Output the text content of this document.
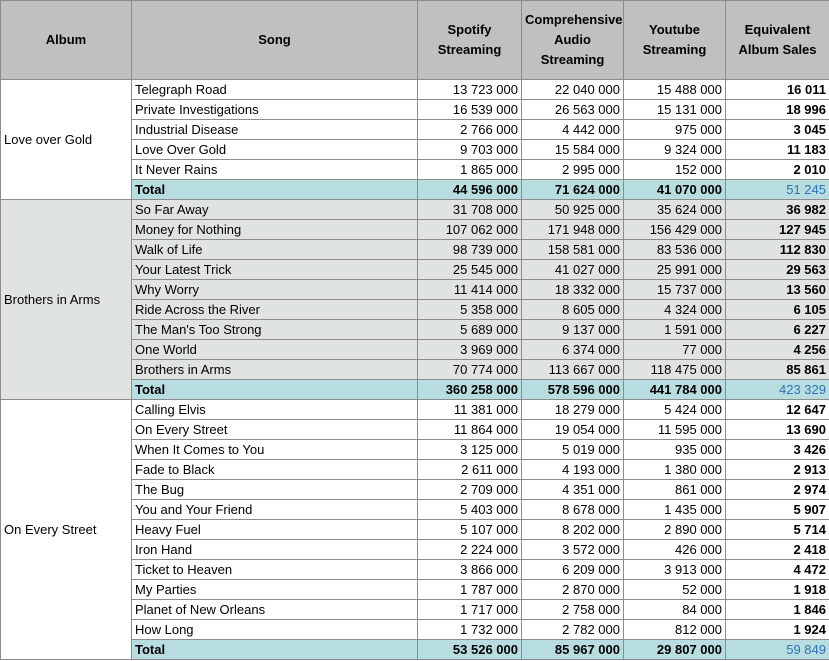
Album	Song	Spotify Streaming	Comprehensive Audio Streaming	Youtube Streaming	Equivalent Album Sales
Love over Gold	Telegraph Road	13 723 000	22 040 000	15 488 000	16 011
	Private Investigations	16 539 000	26 563 000	15 131 000	18 996
	Industrial Disease	2 766 000	4 442 000	975 000	3 045
	Love Over Gold	9 703 000	15 584 000	9 324 000	11 183
	It Never Rains	1 865 000	2 995 000	152 000	2 010
	Total	44 596 000	71 624 000	41 070 000	51 245
Brothers in Arms	So Far Away	31 708 000	50 925 000	35 624 000	36 982
	Money for Nothing	107 062 000	171 948 000	156 429 000	127 945
	Walk of Life	98 739 000	158 581 000	83 536 000	112 830
	Your Latest Trick	25 545 000	41 027 000	25 991 000	29 563
	Why Worry	11 414 000	18 332 000	15 737 000	13 560
	Ride Across the River	5 358 000	8 605 000	4 324 000	6 105
	The Man's Too Strong	5 689 000	9 137 000	1 591 000	6 227
	One World	3 969 000	6 374 000	77 000	4 256
	Brothers in Arms	70 774 000	113 667 000	118 475 000	85 861
	Total	360 258 000	578 596 000	441 784 000	423 329
On Every Street	Calling Elvis	11 381 000	18 279 000	5 424 000	12 647
	On Every Street	11 864 000	19 054 000	11 595 000	13 690
	When It Comes to You	3 125 000	5 019 000	935 000	3 426
	Fade to Black	2 611 000	4 193 000	1 380 000	2 913
	The Bug	2 709 000	4 351 000	861 000	2 974
	You and Your Friend	5 403 000	8 678 000	1 435 000	5 907
	Heavy Fuel	5 107 000	8 202 000	2 890 000	5 714
	Iron Hand	2 224 000	3 572 000	426 000	2 418
	Ticket to Heaven	3 866 000	6 209 000	3 913 000	4 472
	My Parties	1 787 000	2 870 000	52 000	1 918
	Planet of New Orleans	1 717 000	2 758 000	84 000	1 846
	How Long	1 732 000	2 782 000	812 000	1 924
	Total	53 526 000	85 967 000	29 807 000	59 849
